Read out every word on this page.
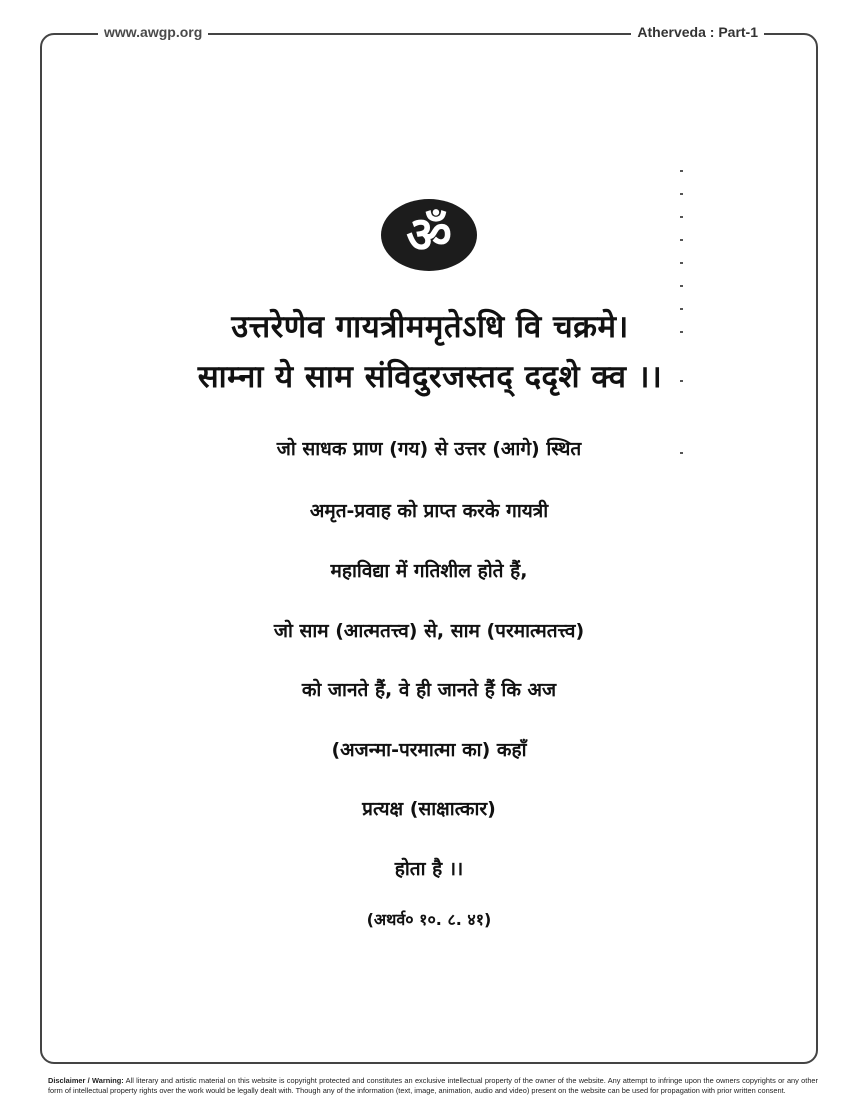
www.awgp.org	Atherveda : Part-1
ॐ
उत्तरेणेव गायत्रीममृतेऽधि वि चक्रमे।
साम्ना ये साम संविदुरजस्तद् ददृशे क्व ।।
जो साधक प्राण (गय) से उत्तर (आगे) स्थित
अमृत-प्रवाह को प्राप्त करके गायत्री
महाविद्या में गतिशील होते हैं,
जो साम (आत्मतत्त्व) से, साम (परमात्मतत्त्व)
को जानते हैं, वे ही जानते हैं कि अज
(अजन्मा-परमात्मा का) कहाँ
प्रत्यक्ष (साक्षात्कार)
होता है ।।
(अथर्व० १०. ८. ४१)
Disclaimer / Warning: All literary and artistic material on this website is copyright protected and constitutes an exclusive intellectual property of the owner of the website. Any attempt to infringe upon the owners copyrights or any other form of intellectual property rights over the work would be legally dealt with. Though any of the information (text, image, animation, audio and video) present on the website can be used for propagation with prior written consent.
